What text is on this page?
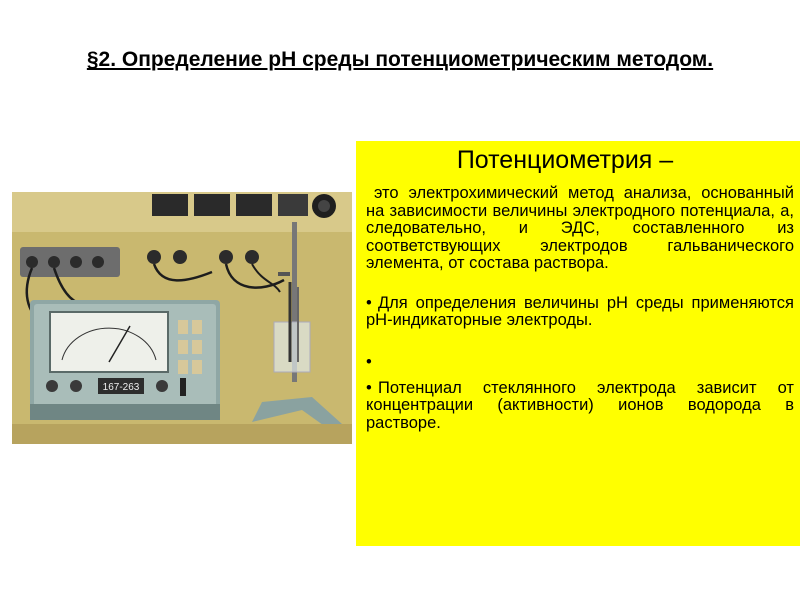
§2. Определение рН среды потенциометрическим методом.
167-263
Потенциометрия –

это электрохимический метод анализа, основанный на зависимости величины электродного потенциала, а, следовательно, и ЭДС, составленного из соответствующих электродов гальванического элемента, от состава раствора.

• Для определения величины рН среды применяются рН-индикаторные электроды.

•

• Потенциал стеклянного электрода зависит от концентрации (активности) ионов водорода в растворе.
